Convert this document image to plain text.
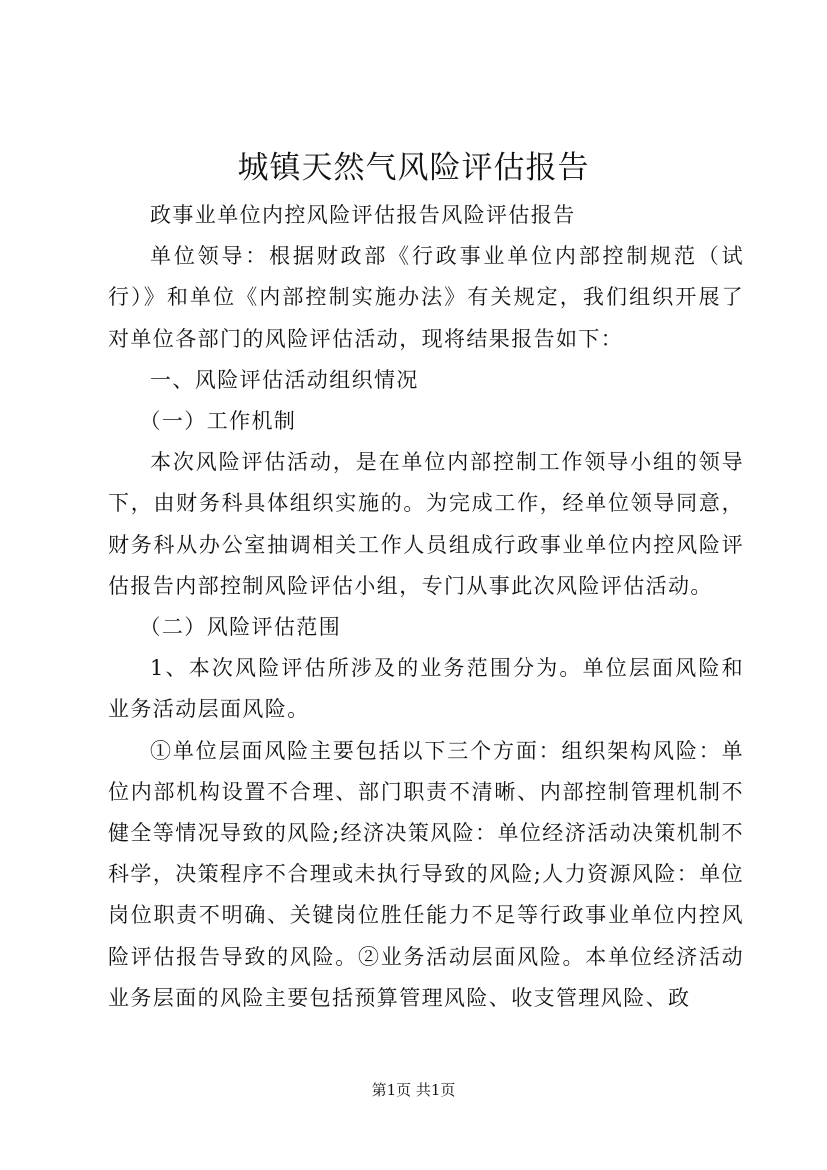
城镇天然气风险评估报告

政事业单位内控风险评估报告风险评估报告

单位领导：根据财政部《行政事业单位内部控制规范（试行）》和单位《内部控制实施办法》有关规定，我们组织开展了对单位各部门的风险评估活动，现将结果报告如下：

一、风险评估活动组织情况

（一）工作机制

本次风险评估活动，是在单位内部控制工作领导小组的领导下，由财务科具体组织实施的。为完成工作，经单位领导同意，财务科从办公室抽调相关工作人员组成行政事业单位内控风险评估报告内部控制风险评估小组，专门从事此次风险评估活动。

（二）风险评估范围

1、本次风险评估所涉及的业务范围分为。单位层面风险和业务活动层面风险。

①单位层面风险主要包括以下三个方面：组织架构风险：单位内部机构设置不合理、部门职责不清晰、内部控制管理机制不健全等情况导致的风险;经济决策风险：单位经济活动决策机制不科学，决策程序不合理或未执行导致的风险;人力资源风险：单位岗位职责不明确、关键岗位胜任能力不足等行政事业单位内控风险评估报告导致的风险。②业务活动层面风险。本单位经济活动业务层面的风险主要包括预算管理风险、收支管理风险、政

第1页 共1页
